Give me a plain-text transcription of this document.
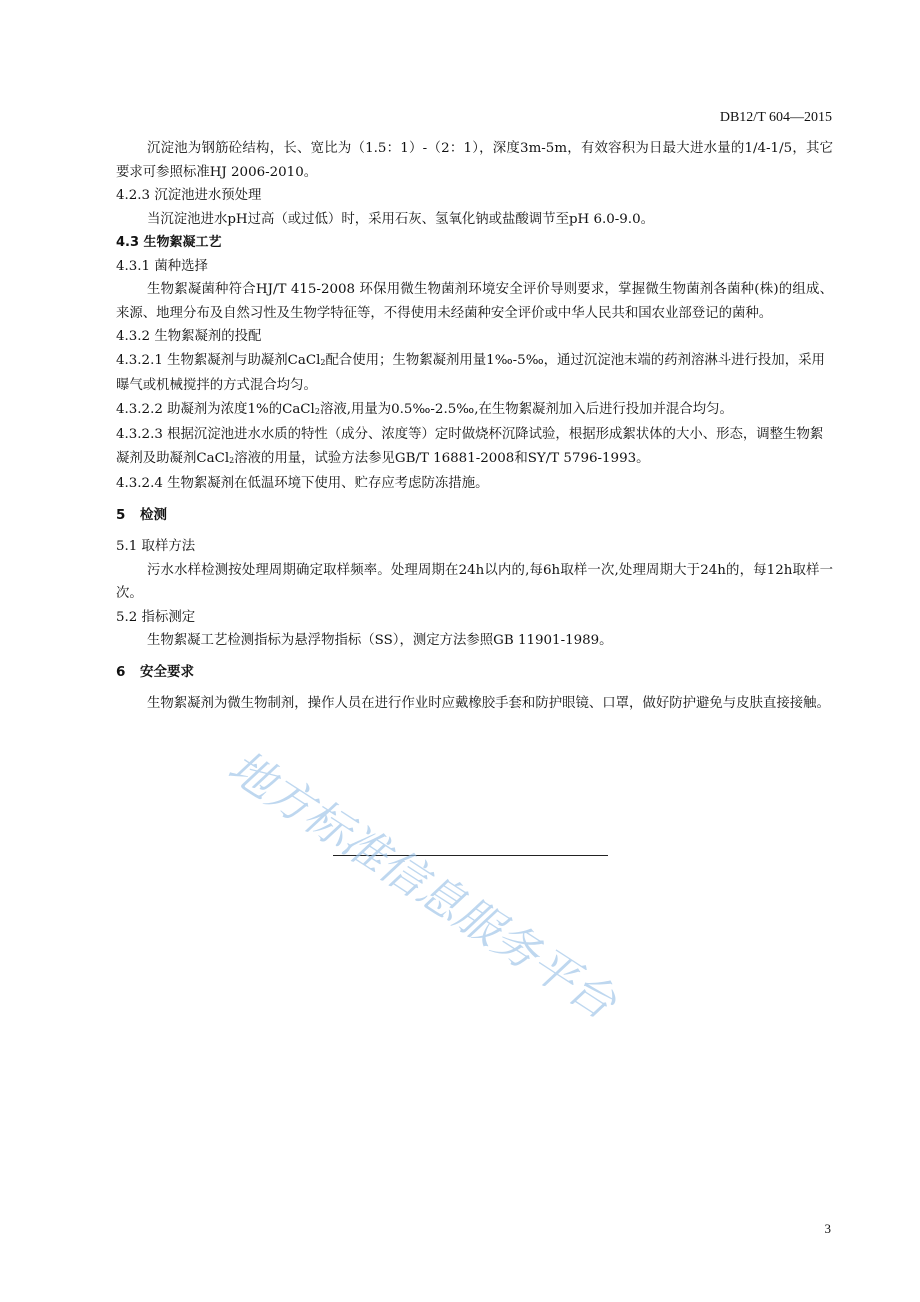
DB12/T 604—2015

沉淀池为钢筋砼结构，长、宽比为（1.5：1）-（2：1），深度3m-5m，有效容积为日最大进水量的1/4-1/5，其它要求可参照标准HJ 2006-2010。

4.2.3 沉淀池进水预处理

当沉淀池进水pH过高（或过低）时，采用石灰、氢氧化钠或盐酸调节至pH 6.0-9.0。

4.3 生物絮凝工艺

4.3.1 菌种选择

生物絮凝菌种符合HJ/T 415-2008 环保用微生物菌剂环境安全评价导则要求，掌握微生物菌剂各菌种(株)的组成、来源、地理分布及自然习性及生物学特征等，不得使用未经菌种安全评价或中华人民共和国农业部登记的菌种。

4.3.2 生物絮凝剂的投配

4.3.2.1 生物絮凝剂与助凝剂CaCl2配合使用；生物絮凝剂用量1‰-5‰，通过沉淀池末端的药剂溶淋斗进行投加，采用曝气或机械搅拌的方式混合均匀。

4.3.2.2 助凝剂为浓度1%的CaCl2溶液,用量为0.5‰-2.5‰,在生物絮凝剂加入后进行投加并混合均匀。

4.3.2.3 根据沉淀池进水水质的特性（成分、浓度等）定时做烧杯沉降试验，根据形成絮状体的大小、形态，调整生物絮凝剂及助凝剂CaCl2溶液的用量，试验方法参见GB/T 16881-2008和SY/T 5796-1993。

4.3.2.4 生物絮凝剂在低温环境下使用、贮存应考虑防冻措施。

5 检测

5.1 取样方法

污水水样检测按处理周期确定取样频率。处理周期在24h以内的,每6h取样一次,处理周期大于24h的，每12h取样一次。

5.2 指标测定

生物絮凝工艺检测指标为悬浮物指标（SS），测定方法参照GB 11901-1989。

6 安全要求

生物絮凝剂为微生物制剂，操作人员在进行作业时应戴橡胶手套和防护眼镜、口罩，做好防护避免与皮肤直接接触。

地方标准信息服务平台
3
